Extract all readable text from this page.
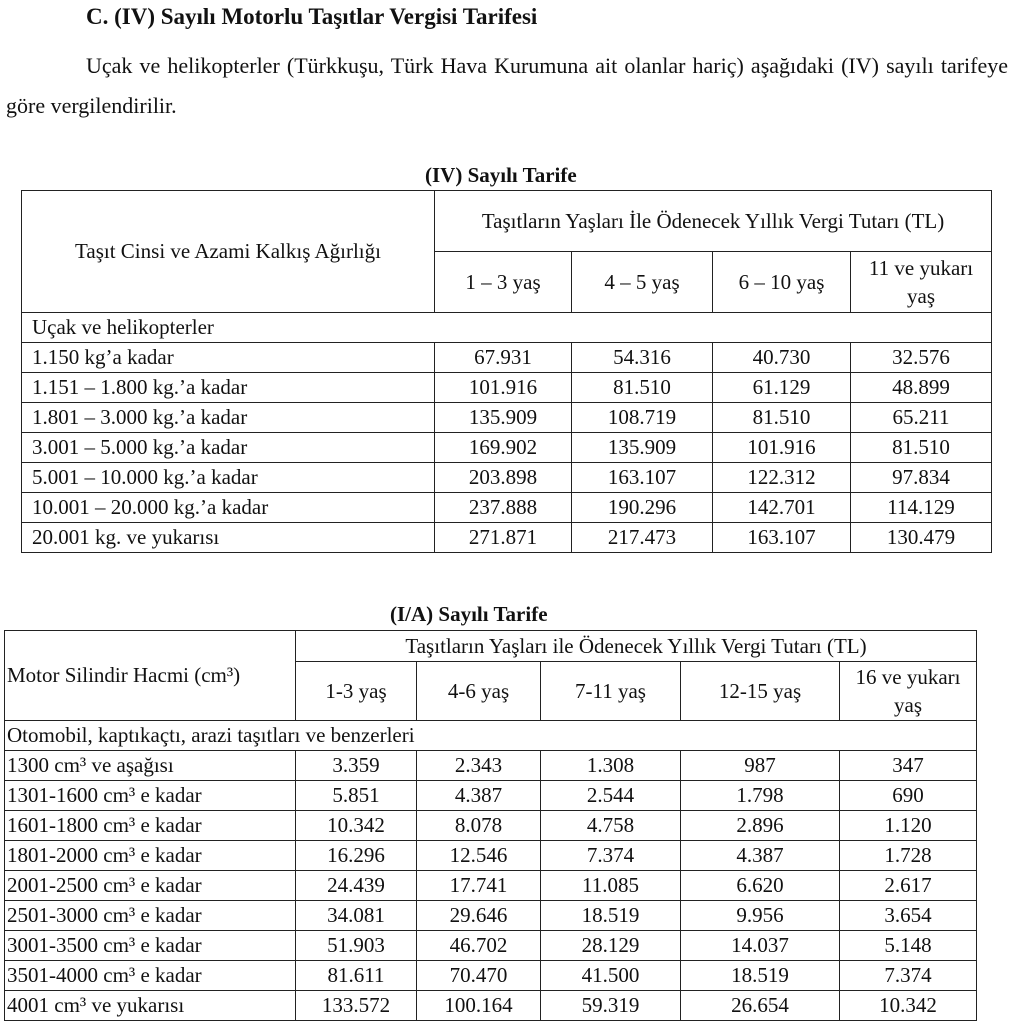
C. (IV) Sayılı Motorlu Taşıtlar Vergisi Tarifesi
Uçak ve helikopterler (Türkkuşu, Türk Hava Kurumuna ait olanlar hariç) aşağıdaki (IV) sayılı tarifeye göre vergilendirilir.
(IV) Sayılı Tarife
Taşıt Cinsi ve Azami Kalkış Ağırlığı	Taşıtların Yaşları İle Ödenecek Yıllık Vergi Tutarı (TL)			
	1 – 3 yaş	4 – 5 yaş	6 – 10 yaş	11 ve yukarı yaş
Uçak ve helikopterler				
1.150 kg’a kadar	67.931	54.316	40.730	32.576
1.151 – 1.800 kg.’a kadar	101.916	81.510	61.129	48.899
1.801 – 3.000 kg.’a kadar	135.909	108.719	81.510	65.211
3.001 – 5.000 kg.’a kadar	169.902	135.909	101.916	81.510
5.001 – 10.000 kg.’a kadar	203.898	163.107	122.312	97.834
10.001 – 20.000 kg.’a kadar	237.888	190.296	142.701	114.129
20.001 kg. ve yukarısı	271.871	217.473	163.107	130.479
(I/A) Sayılı Tarife
Motor Silindir Hacmi (cm³)	Taşıtların Yaşları ile Ödenecek Yıllık Vergi Tutarı (TL)				
	1-3 yaş	4-6 yaş	7-11 yaş	12-15 yaş	16 ve yukarı yaş
Otomobil, kaptıkaçtı, arazi taşıtları ve benzerleri					
1300 cm³ ve aşağısı	3.359	2.343	1.308	987	347
1301-1600 cm³ e kadar	5.851	4.387	2.544	1.798	690
1601-1800 cm³ e kadar	10.342	8.078	4.758	2.896	1.120
1801-2000 cm³ e kadar	16.296	12.546	7.374	4.387	1.728
2001-2500 cm³ e kadar	24.439	17.741	11.085	6.620	2.617
2501-3000 cm³ e kadar	34.081	29.646	18.519	9.956	3.654
3001-3500 cm³ e kadar	51.903	46.702	28.129	14.037	5.148
3501-4000 cm³ e kadar	81.611	70.470	41.500	18.519	7.374
4001 cm³ ve yukarısı	133.572	100.164	59.319	26.654	10.342
